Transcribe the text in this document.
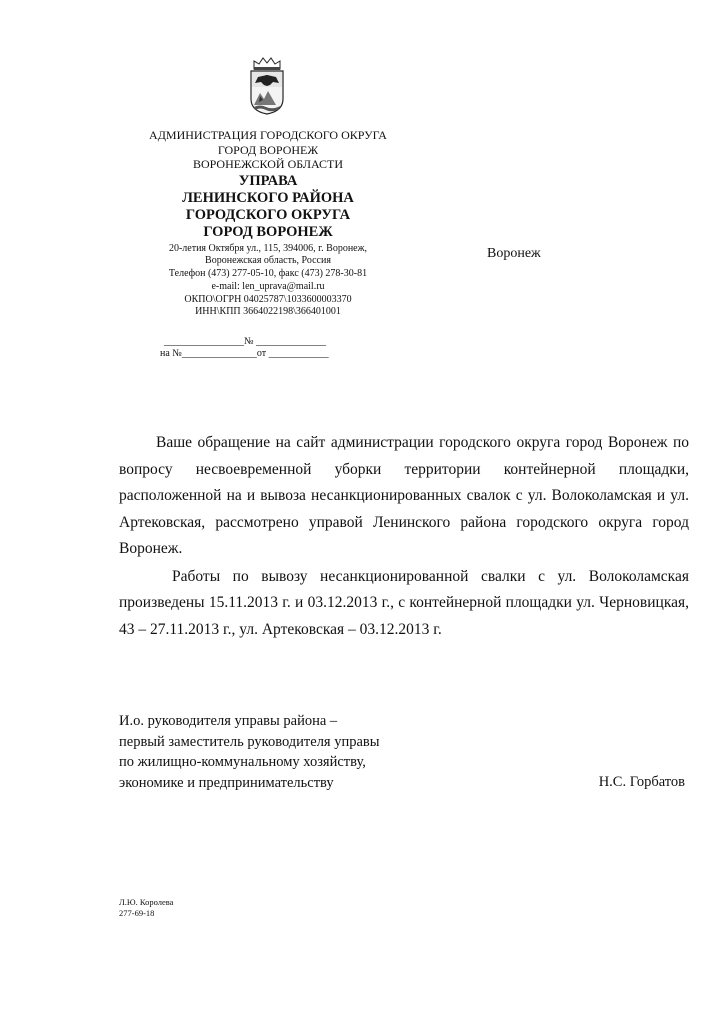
АДМИНИСТРАЦИЯ ГОРОДСКОГО ОКРУГА

ГОРОД ВОРОНЕЖ

ВОРОНЕЖСКОЙ ОБЛАСТИ

УПРАВА

ЛЕНИНСКОГО РАЙОНА

ГОРОДСКОГО ОКРУГА

ГОРОД ВОРОНЕЖ

20-летия Октября ул., 115, 394006, г. Воронеж,

Воронежская область, Россия

Телефон (473) 277-05-10, факс (473) 278-30-81

e-mail: len_uprava@mail.ru

ОКПО\ОГРН 04025787\1033600003370

ИНН\КПП 3664022198\366401001

________________№ ______________

на №_______________от ____________

Воронеж

Ваше обращение на сайт администрации городского округа город Воронеж по вопросу несвоевременной уборки территории контейнерной площадки, расположенной на и вывоза несанкционированных свалок с ул. Волоколамская и ул. Артековская, рассмотрено управой Ленинского района городского округа город Воронеж.

Работы по вывозу несанкционированной свалки с ул. Волоколамская произведены 15.11.2013 г. и 03.12.2013 г., с контейнерной площадки ул. Черновицкая, 43 – 27.11.2013 г., ул. Артековская – 03.12.2013 г.

И.о. руководителя управы района –

первый заместитель руководителя управы

по жилищно-коммунальному хозяйству,

экономике и предпринимательству	Н.С. Горбатов

Л.Ю. Королева

277-69-18
